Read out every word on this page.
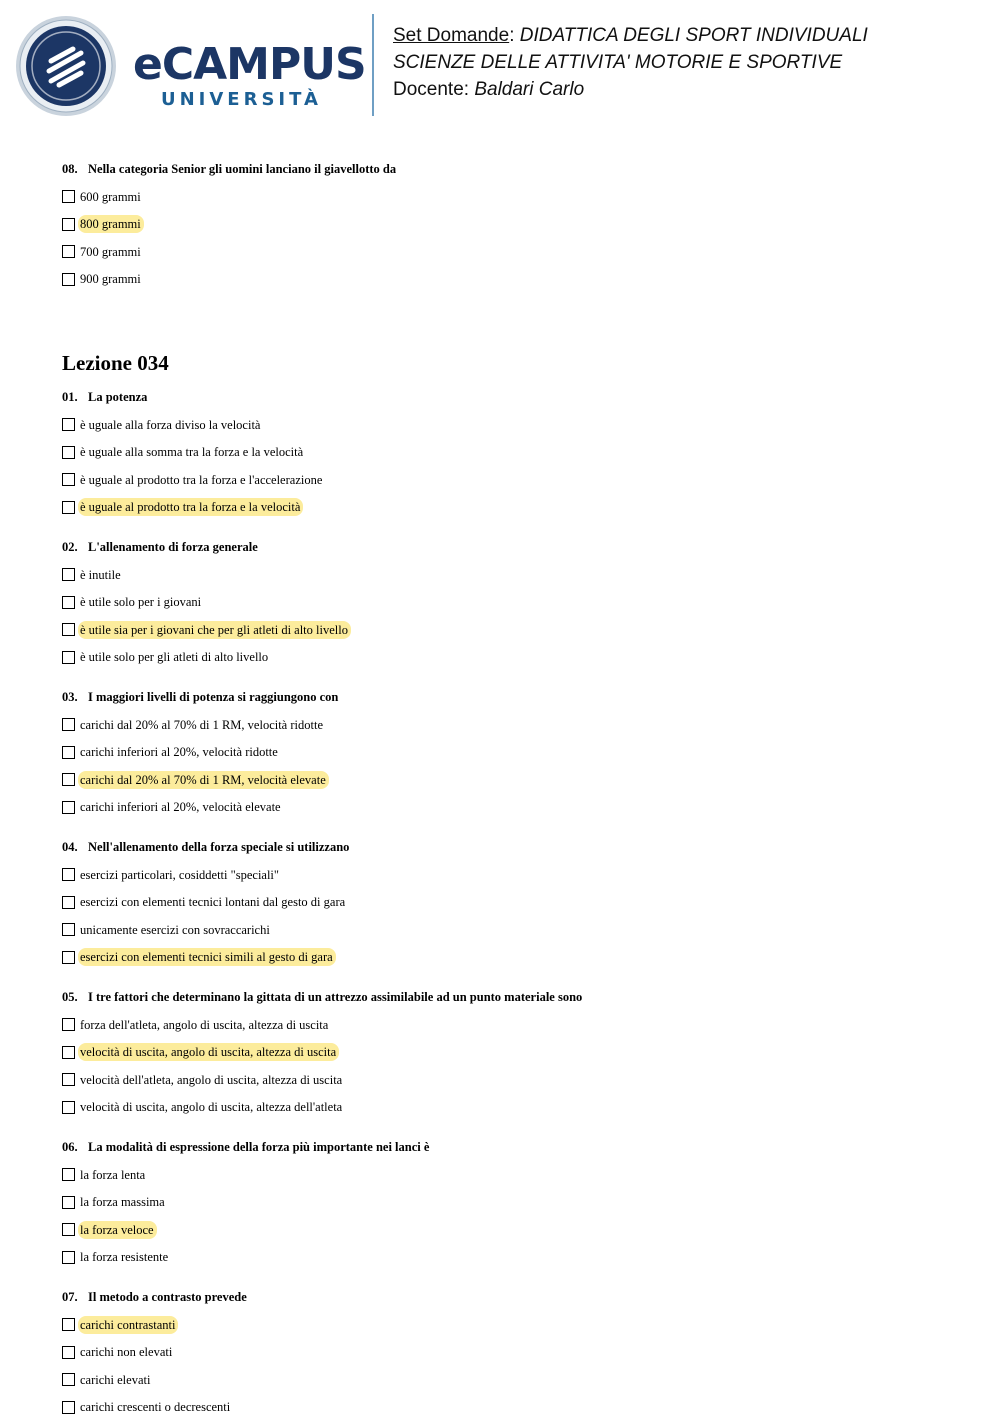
eCAMPUS
UNIVERSITÀ
Set Domande: DIDATTICA DEGLI SPORT INDIVIDUALI
SCIENZE DELLE ATTIVITA' MOTORIE E SPORTIVE
Docente: Baldari Carlo
08. Nella categoria Senior gli uomini lanciano il giavellotto da
600 grammi
800 grammi
700 grammi
900 grammi
Lezione 034
01. La potenza
è uguale alla forza diviso la velocità
è uguale alla somma tra la forza e la velocità
è uguale al prodotto tra la forza e l'accelerazione
è uguale al prodotto tra la forza e la velocità
02. L'allenamento di forza generale
è inutile
è utile solo per i giovani
è utile sia per i giovani che per gli atleti di alto livello
è utile solo per gli atleti di alto livello
03. I maggiori livelli di potenza si raggiungono con
carichi dal 20% al 70% di 1 RM, velocità ridotte
carichi inferiori al 20%, velocità ridotte
carichi dal 20% al 70% di 1 RM, velocità elevate
carichi inferiori al 20%, velocità elevate
04. Nell'allenamento della forza speciale si utilizzano
esercizi particolari, cosiddetti "speciali"
esercizi con elementi tecnici lontani dal gesto di gara
unicamente esercizi con sovraccarichi
esercizi con elementi tecnici simili al gesto di gara
05. I tre fattori che determinano la gittata di un attrezzo assimilabile ad un punto materiale sono
forza dell'atleta, angolo di uscita, altezza di uscita
velocità di uscita, angolo di uscita, altezza di uscita
velocità dell'atleta, angolo di uscita, altezza di uscita
velocità di uscita, angolo di uscita, altezza dell'atleta
06. La modalità di espressione della forza più importante nei lanci è
la forza lenta
la forza massima
la forza veloce
la forza resistente
07. Il metodo a contrasto prevede
carichi contrastanti
carichi non elevati
carichi elevati
carichi crescenti o decrescenti
